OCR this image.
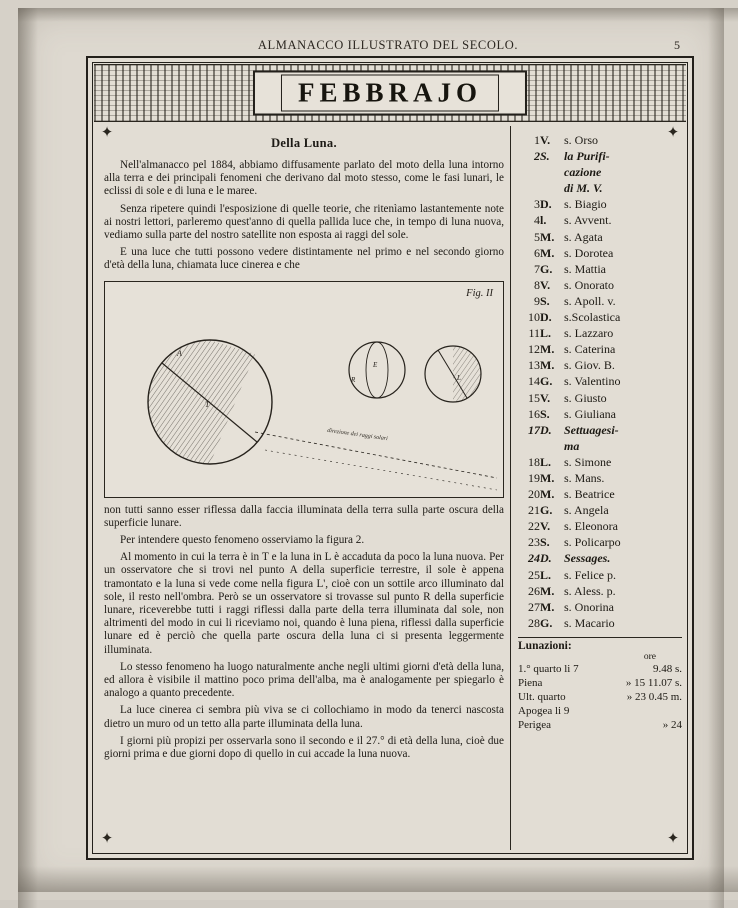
ALMANACCO ILLUSTRATO DEL SECOLO.	5
FEBBRAJO
✦	✦
✦	✦
Della Luna.

Nell'almanacco pel 1884, abbiamo diffusamente parlato del moto della luna intorno alla terra e dei principali fenomeni che derivano dal moto stesso, come le fasi lunari, le eclissi di sole e di luna e le maree.

Senza ripetere quindi l'esposizione di quelle teorie, che ritenìamo lastantemente note ai nostri lettori, parleremo quest'anno di quella pallida luce che, in tempo di luna nuova, vediamo sulla parte del nostro satellite non esposta ai raggi del sole.

E una luce che tutti possono vedere distintamente nel primo e nel secondo giorno d'età della luna, chiamata luce cinerea e che

Fig. II
A
T
E
R	L
direzione dei raggi solari

non tutti sanno esser riflessa dalla faccia illuminata della terra sulla parte oscura della superficie lunare.

Per intendere questo fenomeno osserviamo la figura 2.

Al momento in cui la terra è in T e la luna in L è accaduta da poco la luna nuova. Per un osservatore che si trovi nel punto A della superficie terrestre, il sole è appena tramontato e la luna si vede come nella figura L', cioè con un sottile arco illuminato dal sole, il resto nell'ombra. Però se un osservatore si trovasse sul punto R della superficie lunare, riceverebbe tutti i raggi riflessi dalla parte della terra illuminata dal sole, non altrimenti del modo in cui li riceviamo noi, quando è luna piena, riflessi dalla superficie lunare ed è perciò che quella parte oscura della luna ci si presenta leggermente illuminata.

Lo stesso fenomeno ha luogo naturalmente anche negli ultimi giorni d'età della luna, ed allora è visibile il mattino poco prima dell'alba, ma è analogamente per spiegarlo è analogo a quanto precedente.

La luce cinerea ci sembra più viva se ci collochiamo in modo da tenerci nascosta dietro un muro od un tetto alla parte illuminata della luna.

I giorni più propizi per osservarla sono il secondo e il 27.° di età della luna, cioè due giorni prima e due giorni dopo di quello in cui accade la luna nuova.

1	V.	s. Orso
2	S.	la Purifi-
		cazione
		di M. V.
3	D.	s. Biagio
4	l.	s. Avvent.
5	M.	s. Agata
6	M.	s. Dorotea
7	G.	s. Mattia
8	V.	s. Onorato
9	S.	s. Apoll. v.
10	D.	s.Scolastica
11	L.	s. Lazzaro
12	M.	s. Caterina
13	M.	s. Giov. B.
14	G.	s. Valentino
15	V.	s. Giusto
16	S.	s. Giuliana
17	D.	Settuagesi-
		ma
18	L.	s. Simone
19	M.	s. Mans.
20	M.	s. Beatrice
21	G.	s. Angela
22	V.	s. Eleonora
23	S.	s. Policarpo
24	D.	Sessages.
25	L.	s. Felice p.
26	M.	s. Aless. p.
27	M.	s. Onorina
28	G.	s. Macario
Lunazioni:
ore
1.° quarto li 7	9.48 s.
Piena	» 15 11.07 s.
Ult. quarto	» 23 0.45 m.
Apogea li 9
Perigea	» 24
